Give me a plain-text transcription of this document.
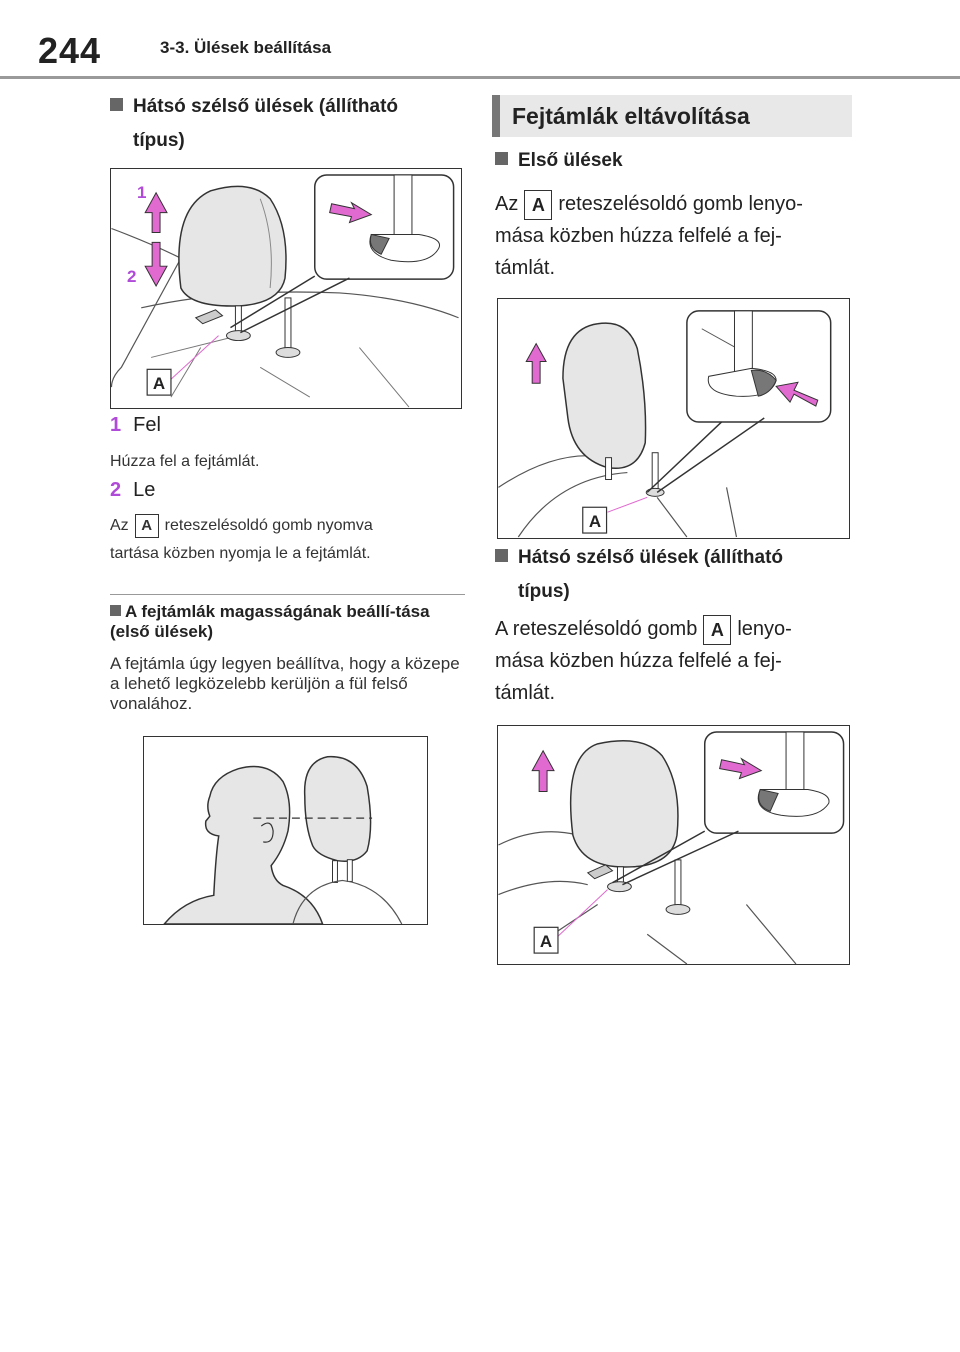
244	3-3. Ülések beállítása
Hátsó szélső ülések (állítható
típus)
A
1
2
1 Fel
Húzza fel a fejtámlát.
2 Le
Az A reteszelésoldó gomb nyomva
tartása közben nyomja le a fejtámlát.
A fejtámlák magasságának beállí-tása (első ülések)
A fejtámla úgy legyen beállítva, hogy a közepe a lehető legközelebb kerüljön a fül felső vonalához.
Fejtámlák eltávolítása
Első ülések
Az A reteszelésoldó gomb lenyo-
mása közben húzza felfelé a fej-
támlát.
A
Hátsó szélső ülések (állítható
típus)
A reteszelésoldó gomb A lenyo-
mása közben húzza felfelé a fej-
támlát.
A
